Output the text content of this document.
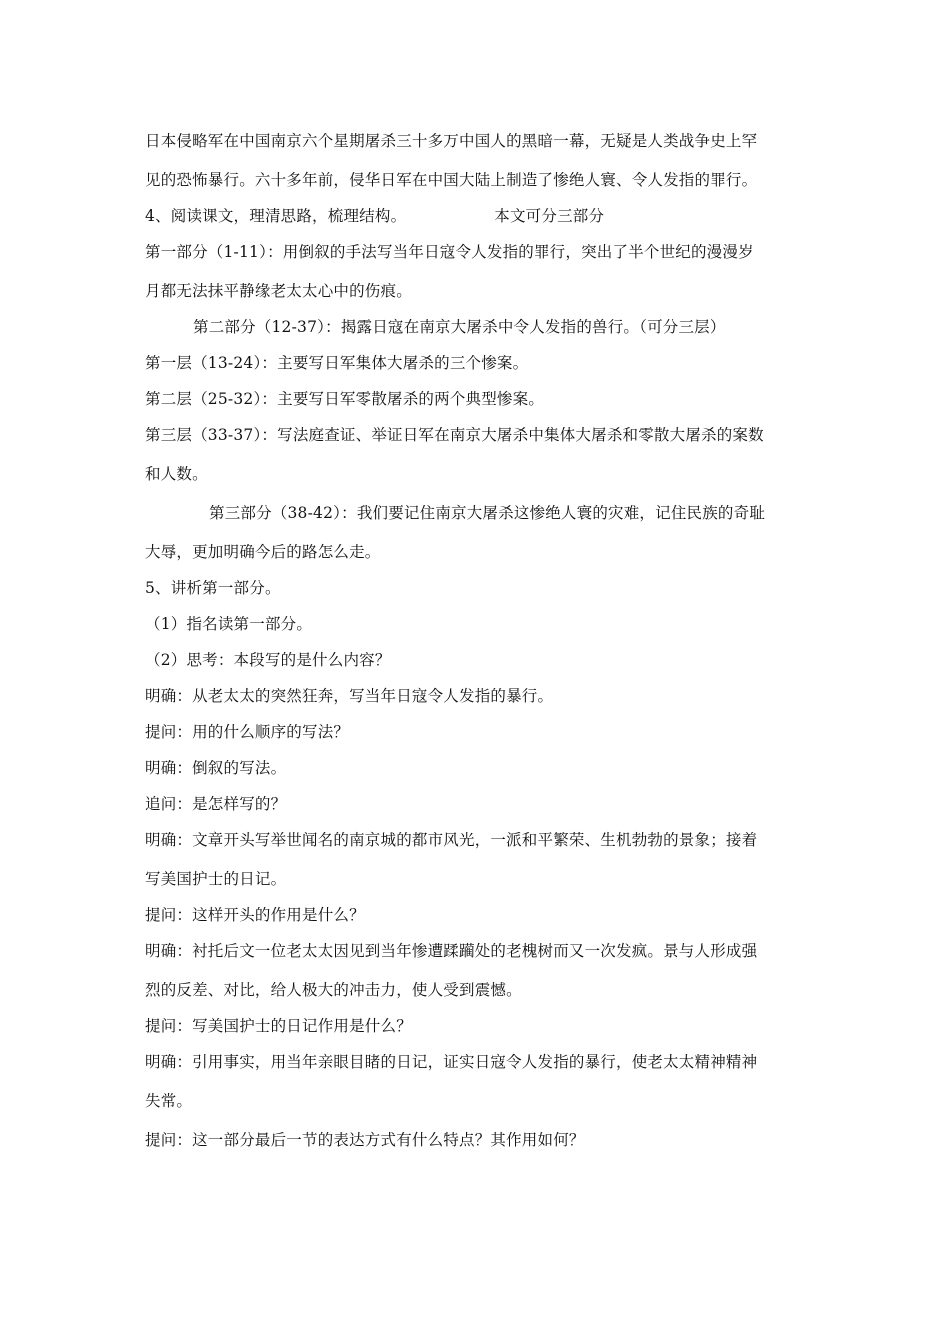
日本侵略军在中国南京六个星期屠杀三十多万中国人的黑暗一幕，无疑是人类战争史上罕
见的恐怖暴行。六十多年前，侵华日军在中国大陆上制造了惨绝人寰、令人发指的罪行。
4、阅读课文，理清思路，梳理结构。	本文可分三部分
第一部分（1-11）：用倒叙的手法写当年日寇令人发指的罪行，突出了半个世纪的漫漫岁
月都无法抹平静缘老太太心中的伤痕。
第二部分（12-37）：揭露日寇在南京大屠杀中令人发指的兽行。（可分三层）
第一层（13-24）：主要写日军集体大屠杀的三个惨案。
第二层（25-32）：主要写日军零散屠杀的两个典型惨案。
第三层（33-37）：写法庭查证、举证日军在南京大屠杀中集体大屠杀和零散大屠杀的案数
和人数。
第三部分（38-42）：我们要记住南京大屠杀这惨绝人寰的灾难，记住民族的奇耻
大辱，更加明确今后的路怎么走。
5、讲析第一部分。
（1）指名读第一部分。
（2）思考：本段写的是什么内容？
明确：从老太太的突然狂奔，写当年日寇令人发指的暴行。
提问：用的什么顺序的写法？
明确：倒叙的写法。
追问：是怎样写的？
明确：文章开头写举世闻名的南京城的都市风光，一派和平繁荣、生机勃勃的景象；接着
写美国护士的日记。
提问：这样开头的作用是什么？
明确：衬托后文一位老太太因见到当年惨遭蹂躏处的老槐树而又一次发疯。景与人形成强
烈的反差、对比，给人极大的冲击力，使人受到震憾。
提问：写美国护士的日记作用是什么？
明确：引用事实，用当年亲眼目睹的日记，证实日寇令人发指的暴行，使老太太精神精神
失常。
提问：这一部分最后一节的表达方式有什么特点？其作用如何？
